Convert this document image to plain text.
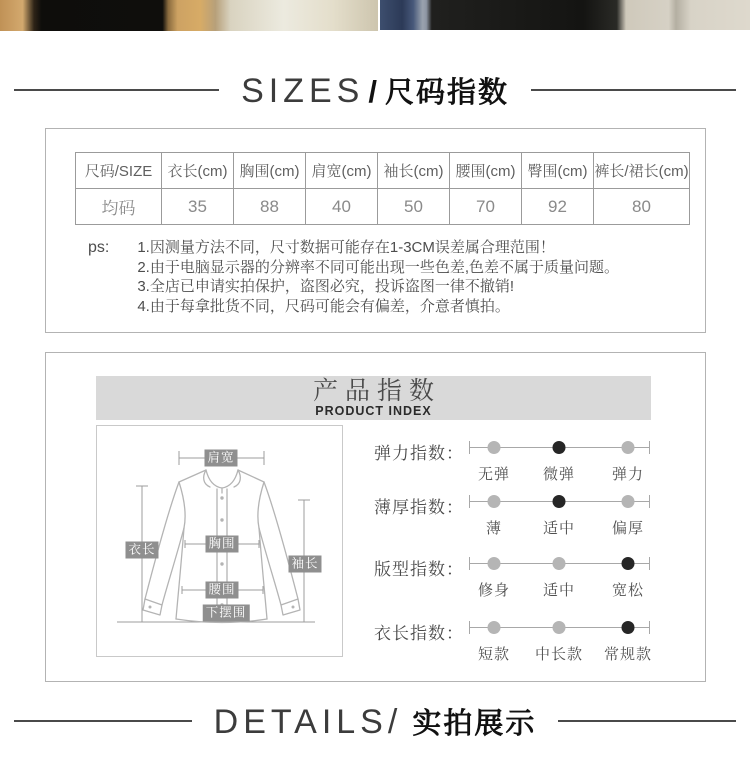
SIZES / 尺码指数
尺码/SIZE	衣长(cm)	胸围(cm)	肩宽(cm)	袖长(cm)	腰围(cm)	臀围(cm)	裤长/裙长(cm)
均码	35	88	40	50	70	92	80
ps: 1.因测量方法不同，尺寸数据可能存在1-3CM误差属合理范围！
2.由于电脑显示器的分辨率不同可能出现一些色差,色差不属于质量问题。
3.全店已申请实拍保护，盗图必究，投诉盗图一律不撤销!
4.由于每拿批货不同，尺码可能会有偏差，介意者慎拍。
产品指数
PRODUCT INDEX
肩宽
衣长	胸围
袖长
腰围
下摆围
弹力指数：
无弹 微弹 弹力
薄厚指数：
薄	适中 偏厚
版型指数：
修身 适中 宽松
衣长指数：
短款 中长款 常规款
DETAILS/ 实拍展示
